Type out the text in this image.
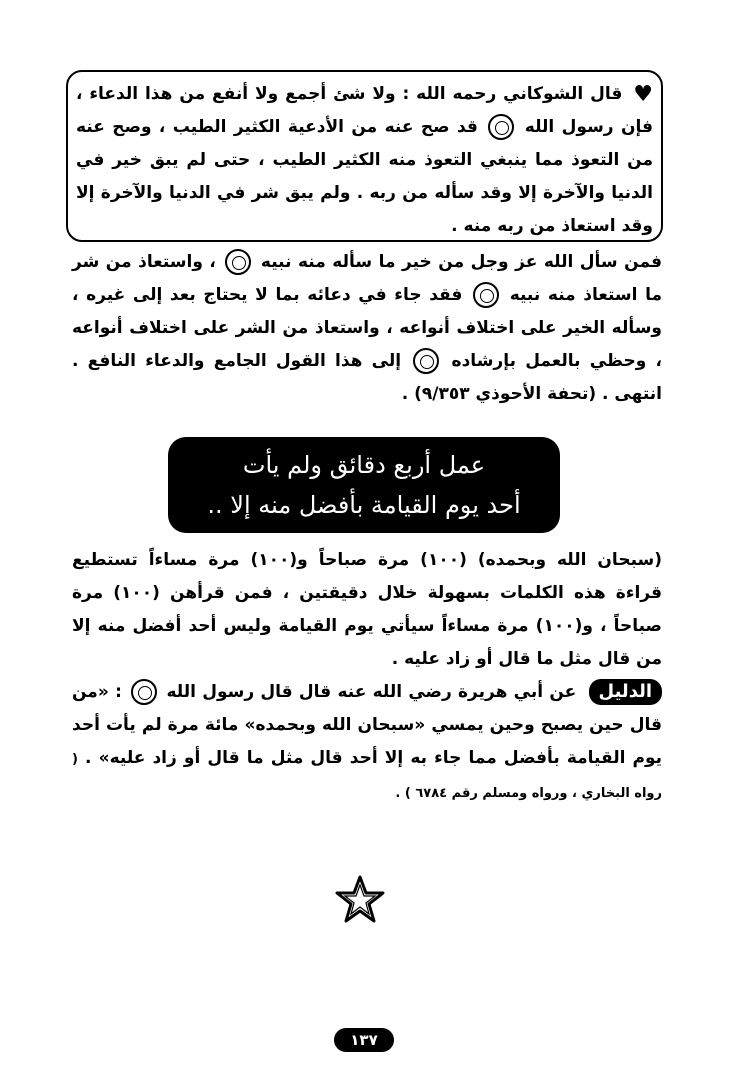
♥ قال الشوكاني رحمه الله : ولا شئ أجمع ولا أنفع من هذا الدعاء ، فإن رسول الله  قد صح عنه من الأدعية الكثير الطيب ، وصح عنه من التعوذ مما ينبغي التعوذ منه الكثير الطيب ، حتى لم يبق خير في الدنيا والآخرة إلا وقد سأله من ربه . ولم يبق شر في الدنيا والآخرة إلا وقد استعاذ من ربه منه .

فمن سأل الله عز وجل من خير ما سأله منه نبيه  ، واستعاذ من شر ما استعاذ منه نبيه  فقد جاء في دعائه بما لا يحتاج بعد إلى غيره ، وسأله الخير على اختلاف أنواعه ، واستعاذ من الشر على اختلاف أنواعه ، وحظي بالعمل بإرشاده  إلى هذا القول الجامع والدعاء النافع . انتهى . (تحفة الأحوذي ٩/٣٥٣) .

عمل أربع دقائق ولم يأت
أحد يوم القيامة بأفضل منه إلا ..

(سبحان الله وبحمده) (١٠٠) مرة صباحاً و(١٠٠) مرة مساءاً تستطيع قراءة هذه الكلمات بسهولة خلال دقيقتين ، فمن قرأهن (١٠٠) مرة صباحاً ، و(١٠٠) مرة مساءاً سيأتي يوم القيامة وليس أحد أفضل منه إلا من قال مثل ما قال أو زاد عليه .

الدليل عن أبي هريرة رضي الله عنه قال قال رسول الله  : «من قال حين يصبح وحين يمسي «سبحان الله وبحمده» مائة مرة لم يأت أحد يوم القيامة بأفضل مما جاء به إلا أحد قال مثل ما قال أو زاد عليه» . ( رواه البخاري ، ورواه ومسلم رقم ٦٧٨٤ ) .

١٣٧
